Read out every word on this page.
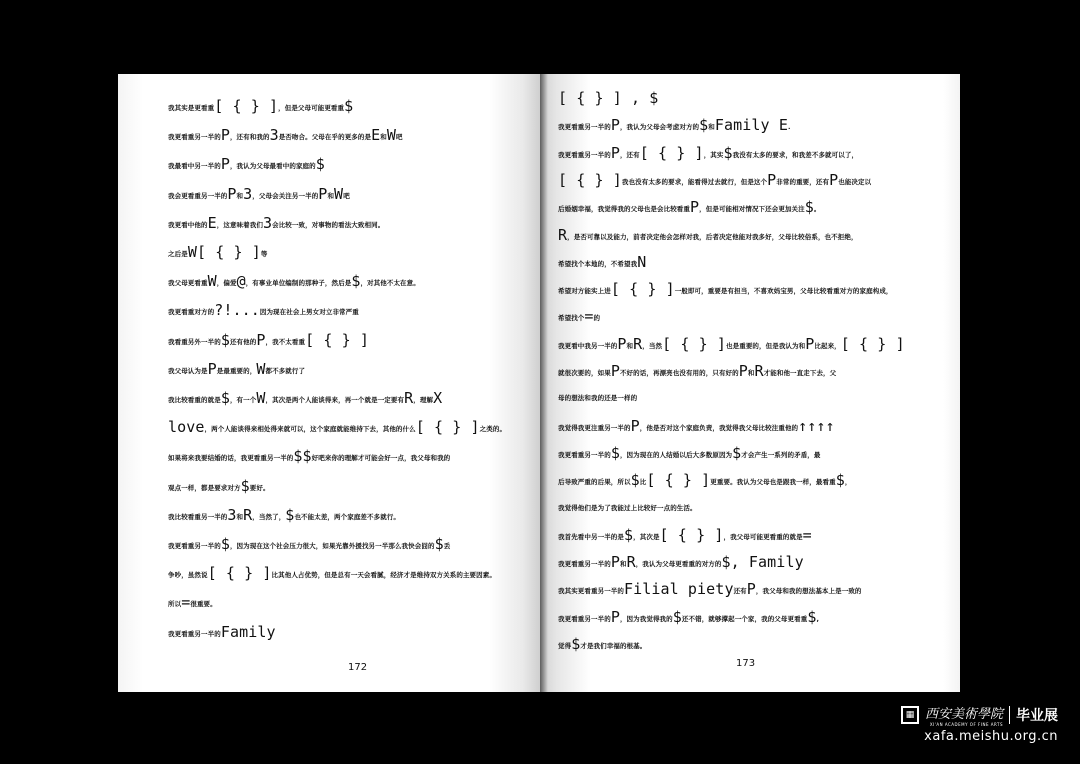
我其实是更看重[ { } ]，但是父母可能更看重$
我更看重另一半的P，还有和我的3是否吻合。父母在乎的更多的是E和W吧
我最看中另一半的P，我认为父母最看中的家庭的$
我会更看重另一半的P和3，父母会关注另一半的P和W吧
我更看中他的E，这意味着我们3会比较一致，对事物的看法大致相同。
之后是W[ { } ]等
我父母更看重W，偏爱@，有事业单位编制的那种子，然后是$，对其他不太在意。
我更看重对方的?!...因为现在社会上男女对立非常严重
我看重另外一半的$还有他的P，我不太看重[ { } ]
我父母认为是P是最重要的，W都不多就行了
我比较看重的就是$，有一个W，其次是两个人能谈得来，再一个就是一定要有R，理解X
love，两个人能谈得来相处得来就可以，这个家庭就能维持下去，其他的什么[ { } ]之类的。
如果将来我要结婚的话，我更看重另一半的$$好吧来你的理解才可能会好一点，我父母和我的
观点一样，都是要求对方$要好。
我比较看重另一半的3和R，当然了，$也不能太差，两个家庭差不多就行。
我更看重另一半的$，因为现在这个社会压力很大，如果光靠外援找另一半那么我快会囧的$丢
争吵，虽然说[ { } ]比其他人占优势，但是总有一天会看腻，经济才是维持双方关系的主要因素。
所以=很重要。
我更看重另一半的Family
172
[ { } ] , $
我更看重另一半的P，我认为父母会考虑对方的$和Family E.
我更看重另一半的P，还有[ { } ]，其实$我没有太多的要求，和我差不多就可以了，
[ { } ]我也没有太多的要求，能看得过去就行，但是这个P非常的重要，还有P也能决定以
后婚姻幸福，我觉得我的父母也是会比较看重P，但是可能相对情况下还会更加关注$。
R，是否可靠以及能力，前者决定他会怎样对我，后者决定他能对我多好，父母比较俗系，也不拒绝，
希望找个本地的，不希望我N
希望对方能实上进[ { } ]一般即可，重要是有担当，不喜欢妈宝男，父母比较看重对方的家庭构成，
希望找个=的
我更看中我另一半的P和R，当然[ { } ]也是重要的，但是我认为和P比起来，[ { } ]
就很次要的，如果P不好的话，再漂亮也没有用的，只有好的P和R才能和他一直走下去，父
母的想法和我的还是一样的
我觉得我更注重另一半的P，他是否对这个家庭负责，我觉得我父母比较注重他的↑↑↑↑
我更看重另一半的$，因为现在的人结婚以后大多数原因为$才会产生一系列的矛盾，最
后导致严重的后果，所以$比[ { } ]更重要。我认为父母也是跟我一样，最看重$，
我觉得他们是为了我能过上比较好一点的生活。
我首先看中另一半的是$，其次是[ { } ]，我父母可能更看重的就是=
我更看重另一半的P和R，我认为父母更看重的对方的$, Family
我其实更看重另一半的Filial piety还有P，我父母和我的想法基本上是一致的
我更看重另一半的P，因为我觉得我的$还不错，就够撑起一个家，我的父母更看重$,
觉得$才是我们幸福的根基。
173
▦ 西安美術學院
XI'AN ACADEMY OF FINE ARTS
毕业展
xafa.meishu.org.cn
